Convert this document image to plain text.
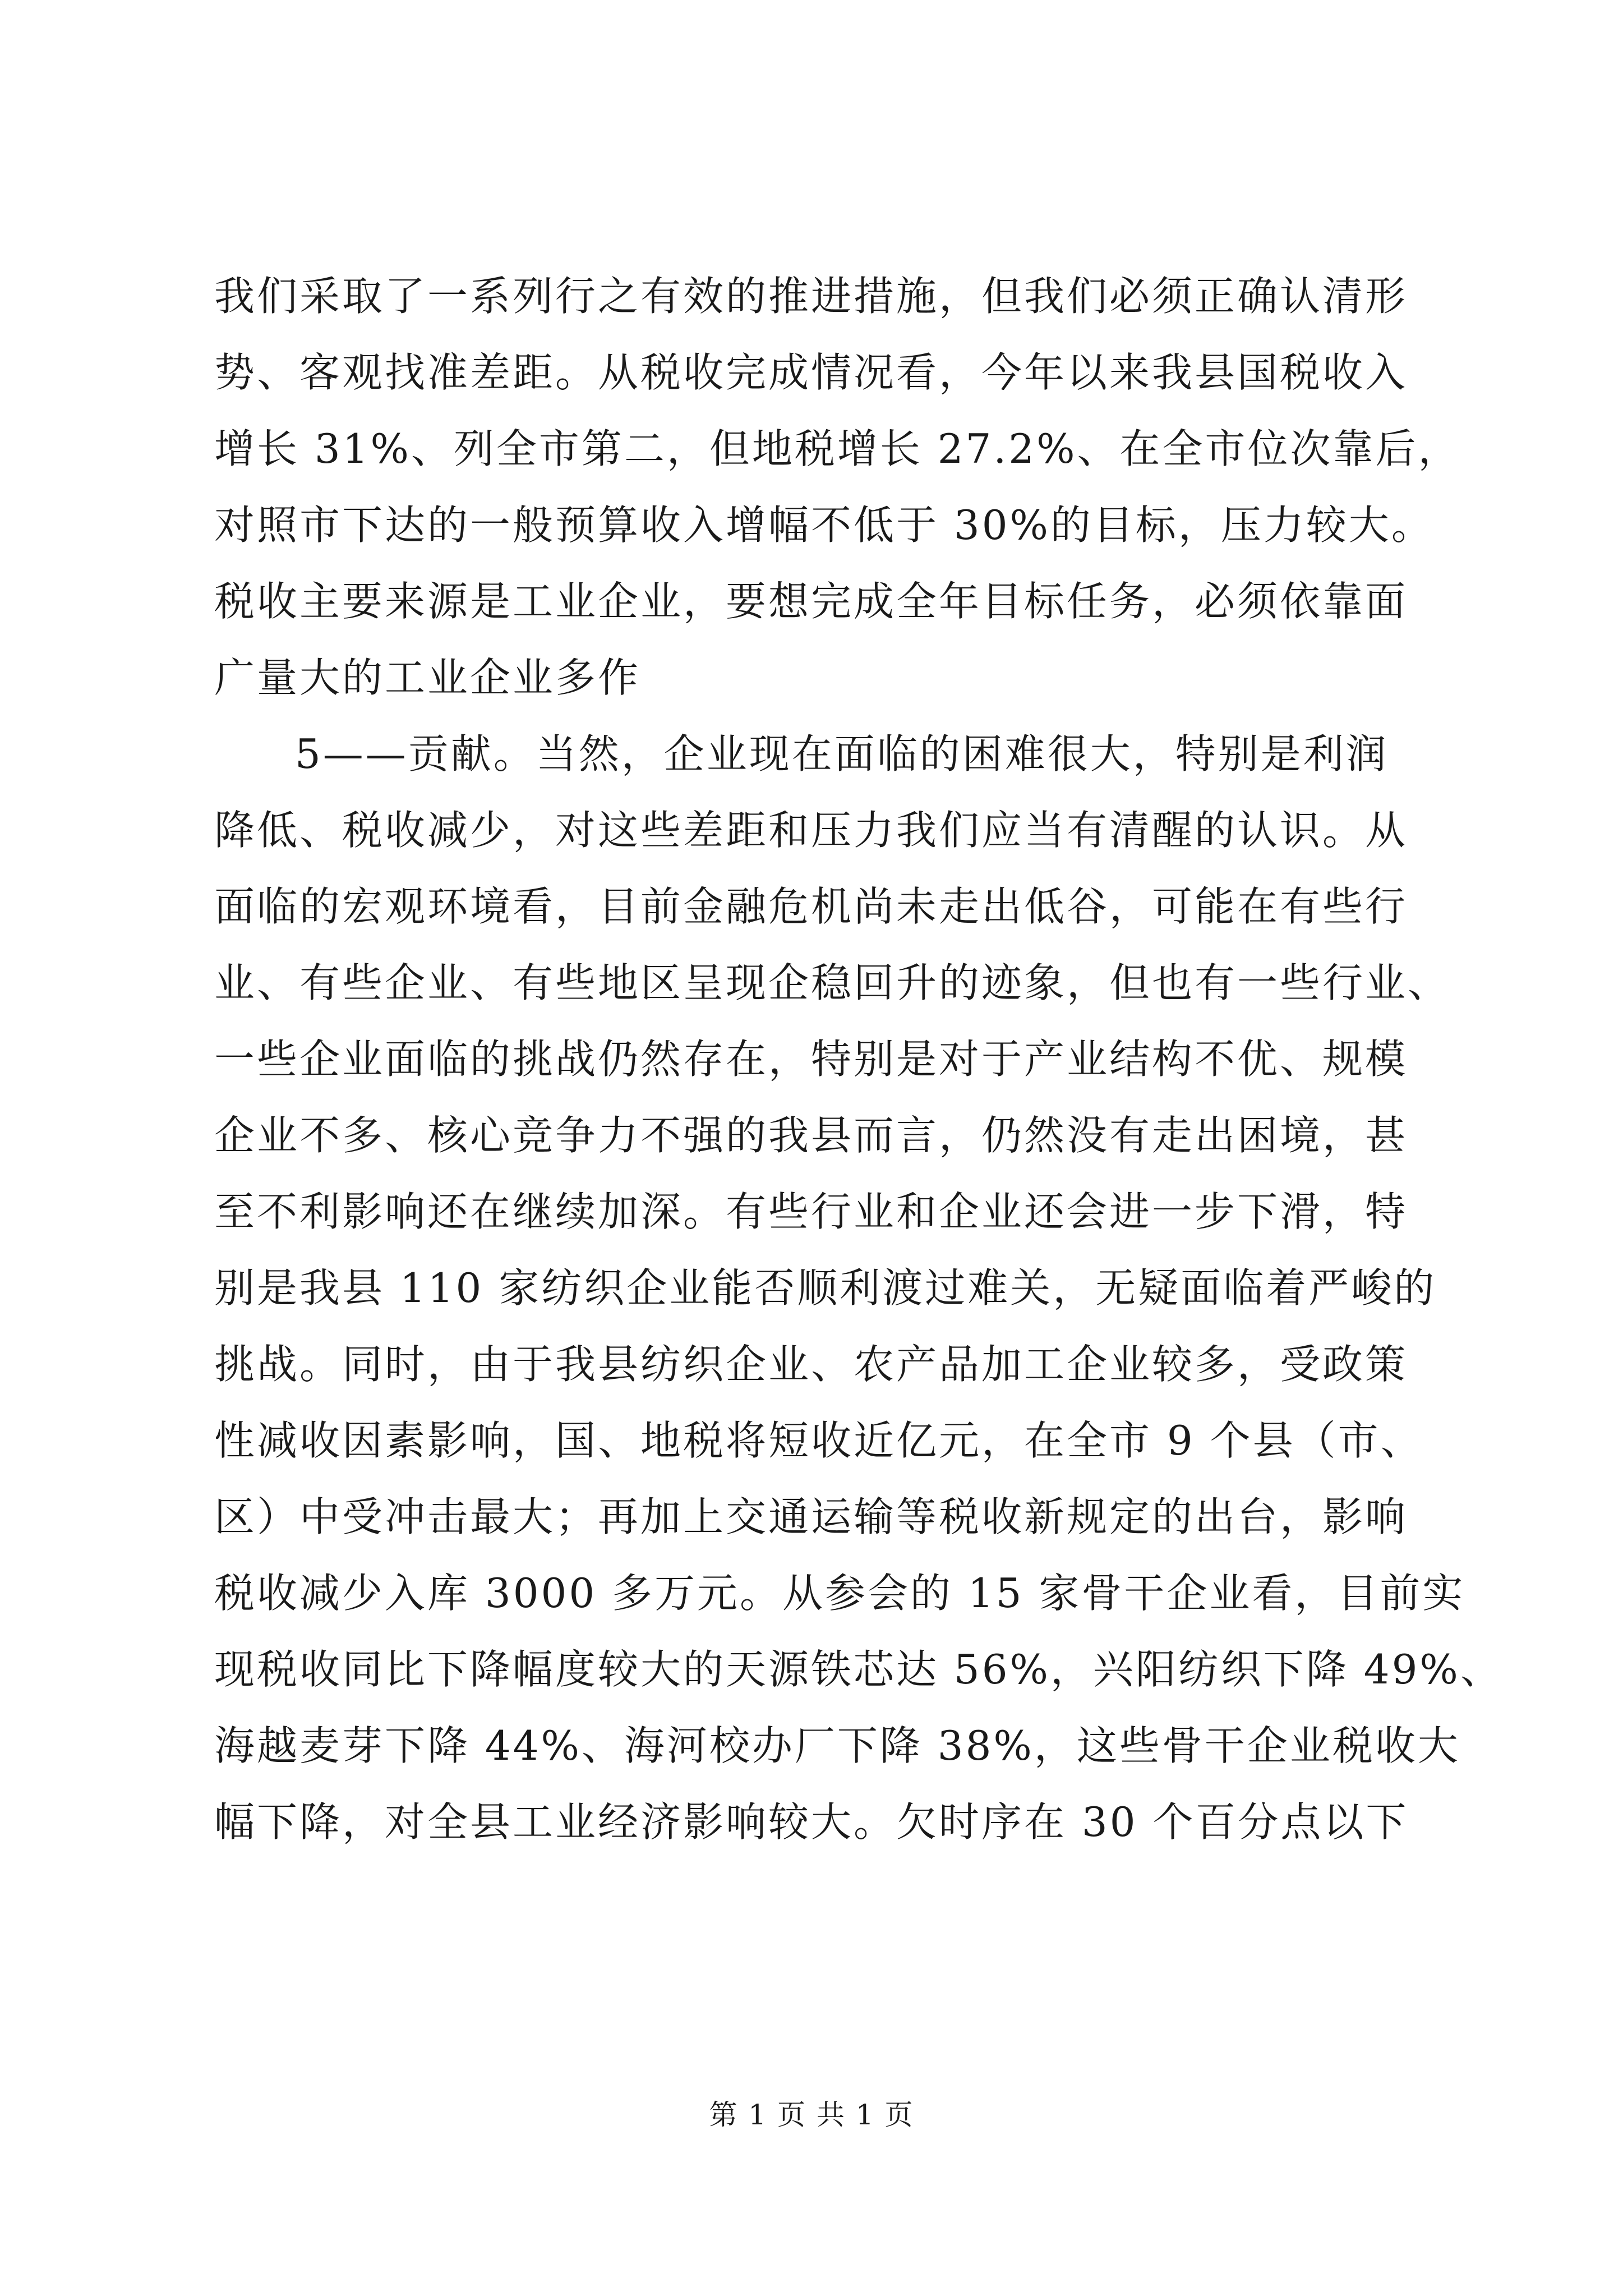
我们采取了一系列行之有效的推进措施，但我们必须正确认清形
势、客观找准差距。从税收完成情况看，今年以来我县国税收入
增长 31%、列全市第二，但地税增长 27.2%、在全市位次靠后，
对照市下达的一般预算收入增幅不低于 30%的目标，压力较大。
税收主要来源是工业企业，要想完成全年目标任务，必须依靠面
广量大的工业企业多作
5——贡献。当然，企业现在面临的困难很大，特别是利润
降低、税收减少，对这些差距和压力我们应当有清醒的认识。从
面临的宏观环境看，目前金融危机尚未走出低谷，可能在有些行
业、有些企业、有些地区呈现企稳回升的迹象，但也有一些行业、
一些企业面临的挑战仍然存在，特别是对于产业结构不优、规模
企业不多、核心竞争力不强的我县而言，仍然没有走出困境，甚
至不利影响还在继续加深。有些行业和企业还会进一步下滑，特
别是我县 110 家纺织企业能否顺利渡过难关，无疑面临着严峻的
挑战。同时，由于我县纺织企业、农产品加工企业较多，受政策
性减收因素影响，国、地税将短收近亿元，在全市 9 个县（市、
区）中受冲击最大；再加上交通运输等税收新规定的出台，影响
税收减少入库 3000 多万元。从参会的 15 家骨干企业看，目前实
现税收同比下降幅度较大的天源铁芯达 56%，兴阳纺织下降 49%、
海越麦芽下降 44%、海河校办厂下降 38%，这些骨干企业税收大
幅下降，对全县工业经济影响较大。欠时序在 30 个百分点以下
第 1 页 共 1 页
